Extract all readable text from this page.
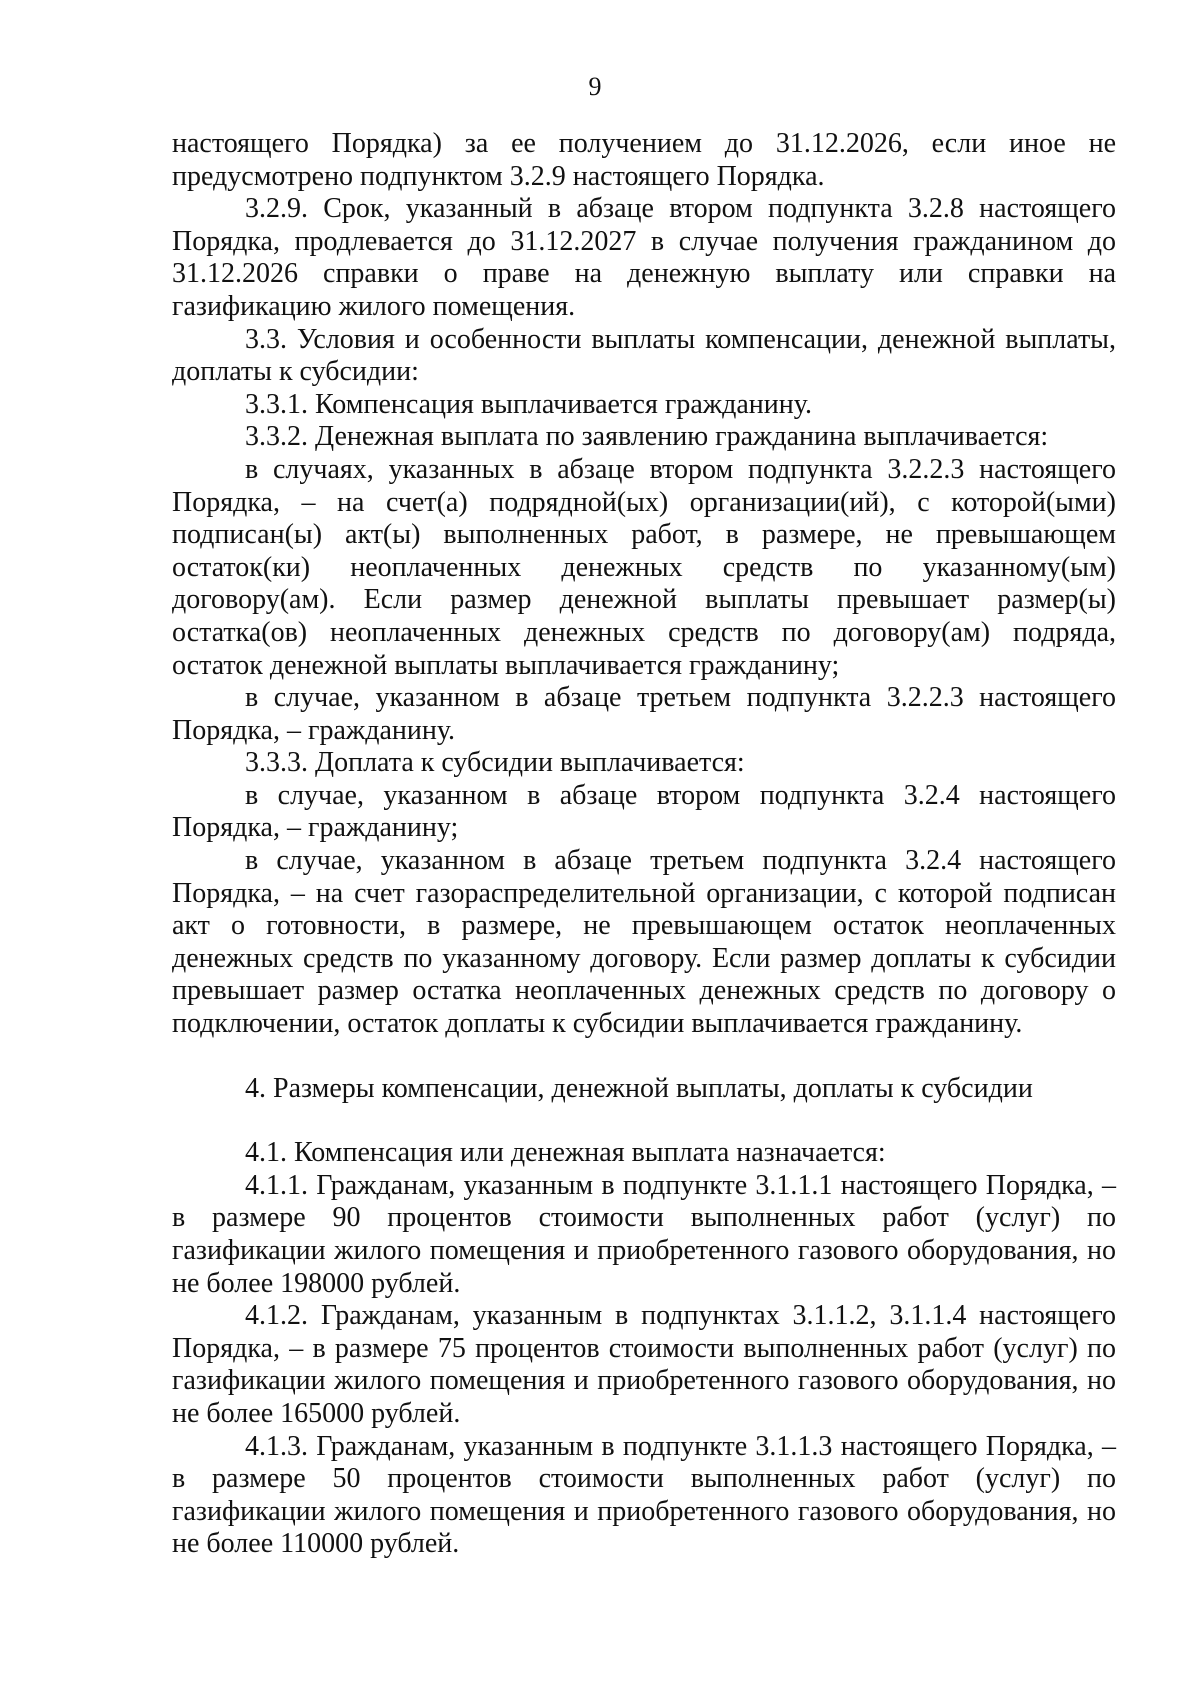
9

настоящего Порядка) за ее получением до 31.12.2026, если иное не предусмотрено подпунктом 3.2.9 настоящего Порядка.

3.2.9. Срок, указанный в абзаце втором подпункта 3.2.8 настоящего Порядка, продлевается до 31.12.2027 в случае получения гражданином до 31.12.2026 справки о праве на денежную выплату или справки на газификацию жилого помещения.

3.3. Условия и особенности выплаты компенсации, денежной выплаты, доплаты к субсидии:

3.3.1. Компенсация выплачивается гражданину.

3.3.2. Денежная выплата по заявлению гражданина выплачивается:

в случаях, указанных в абзаце втором подпункта 3.2.2.3 настоящего Порядка, – на счет(а) подрядной(ых) организации(ий), с которой(ыми) подписан(ы) акт(ы) выполненных работ, в размере, не превышающем остаток(ки) неоплаченных денежных средств по указанному(ым) договору(ам). Если размер денежной выплаты превышает размер(ы) остатка(ов) неоплаченных денежных средств по договору(ам) подряда, остаток денежной выплаты выплачивается гражданину;

в случае, указанном в абзаце третьем подпункта 3.2.2.3 настоящего Порядка, – гражданину.

3.3.3. Доплата к субсидии выплачивается:

в случае, указанном в абзаце втором подпункта 3.2.4 настоящего Порядка, – гражданину;

в случае, указанном в абзаце третьем подпункта 3.2.4 настоящего Порядка, – на счет газораспределительной организации, с которой подписан акт о готовности, в размере, не превышающем остаток неоплаченных денежных средств по указанному договору. Если размер доплаты к субсидии превышает размер остатка неоплаченных денежных средств по договору о подключении, остаток доплаты к субсидии выплачивается гражданину.

4. Размеры компенсации, денежной выплаты, доплаты к субсидии

4.1. Компенсация или денежная выплата назначается:

4.1.1. Гражданам, указанным в подпункте 3.1.1.1 настоящего Порядка, – в размере 90 процентов стоимости выполненных работ (услуг) по газификации жилого помещения и приобретенного газового оборудования, но не более 198000 рублей.

4.1.2. Гражданам, указанным в подпунктах 3.1.1.2, 3.1.1.4 настоящего Порядка, – в размере 75 процентов стоимости выполненных работ (услуг) по газификации жилого помещения и приобретенного газового оборудования, но не более 165000 рублей.

4.1.3. Гражданам, указанным в подпункте 3.1.1.3 настоящего Порядка, – в размере 50 процентов стоимости выполненных работ (услуг) по газификации жилого помещения и приобретенного газового оборудования, но не более 110000 рублей.
